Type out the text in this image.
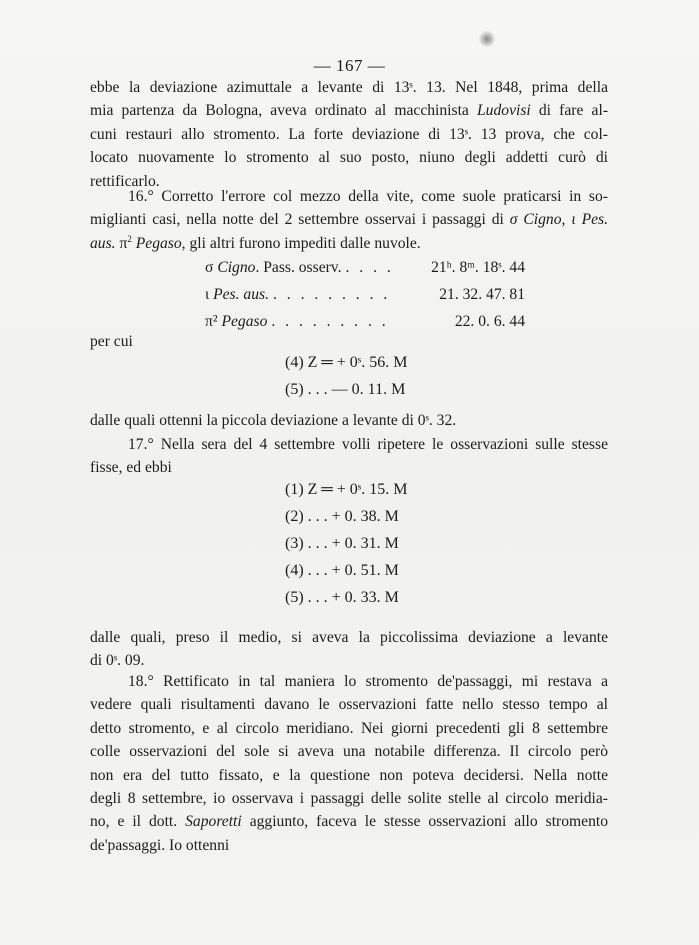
— 167 —
ebbe la deviazione azimuttale a levante di 13ˢ. 13. Nel 1848, prima della
mia partenza da Bologna, aveva ordinato al macchinista Ludovisi di fare al-
cuni restauri allo stromento. La forte deviazione di 13ˢ. 13 prova, che col-
locato nuovamente lo stromento al suo posto, niuno degli addetti curò di
rettificarlo.
16.° Corretto l'errore col mezzo della vite, come suole praticarsi in so-
miglianti casi, nella notte del 2 settembre osservai i passaggi di σ Cigno, ι Pes.
aus. $\pi^2$ Pegaso, gli altri furono impediti dalle nuvole.
σ Cigno. Pass. osserv. . . . .	21ʰ. 8ᵐ. 18ˢ. 44
ι Pes. aus. . . . . . . . . .	21. 32. 47. 81
π² Pegaso . . . . . . . . .	22. 0. 6. 44
per cui
(4) Z ═ + 0ˢ. 56. M
(5) . . . — 0. 11. M
dalle quali ottenni la piccola deviazione a levante di 0ˢ. 32.
17.° Nella sera del 4 settembre volli ripetere le osservazioni sulle stesse
fisse, ed ebbi
(1) Z ═ + 0ˢ. 15. M
(2) . . . + 0. 38. M
(3) . . . + 0. 31. M
(4) . . . + 0. 51. M
(5) . . . + 0. 33. M
dalle quali, preso il medio, si aveva la piccolissima deviazione a levante
di 0ˢ. 09.
18.° Rettificato in tal maniera lo stromento de'passaggi, mi restava a
vedere quali risultamenti davano le osservazioni fatte nello stesso tempo al
detto stromento, e al circolo meridiano. Nei giorni precedenti gli 8 settembre
colle osservazioni del sole si aveva una notabile differenza. Il circolo però
non era del tutto fissato, e la questione non poteva decidersi. Nella notte
degli 8 settembre, io osservava i passaggi delle solite stelle al circolo meridia-
no, e il dott. Saporetti aggiunto, faceva le stesse osservazioni allo stromento
de'passaggi. Io ottenni
